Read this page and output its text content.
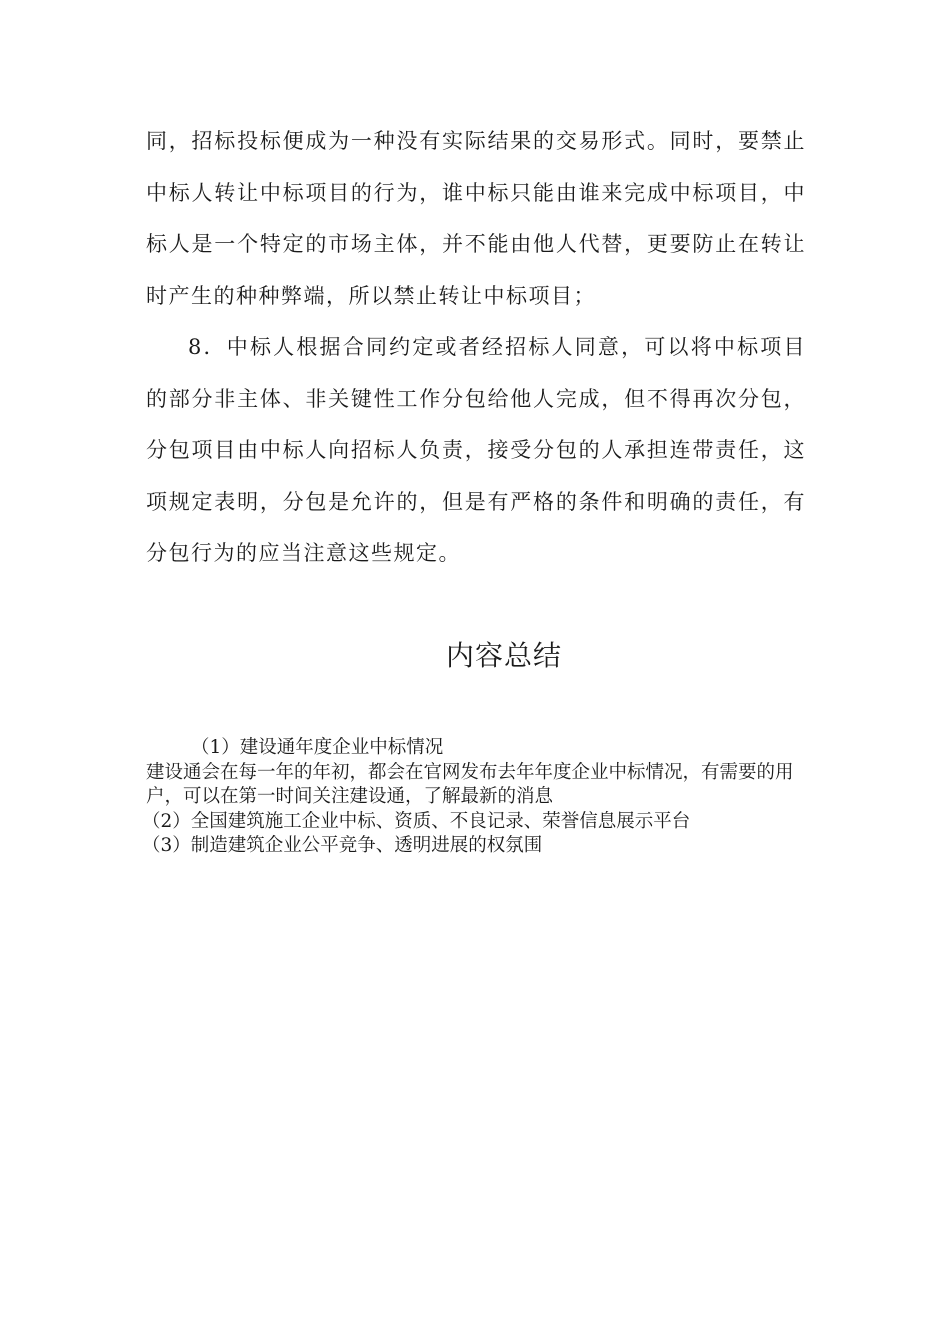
同，招标投标便成为一种没有实际结果的交易形式。同时，要禁止中标人转让中标项目的行为，谁中标只能由谁来完成中标项目，中标人是一个特定的市场主体，并不能由他人代替，更要防止在转让时产生的种种弊端，所以禁止转让中标项目；

8．中标人根据合同约定或者经招标人同意，可以将中标项目的部分非主体、非关键性工作分包给他人完成，但不得再次分包，分包项目由中标人向招标人负责，接受分包的人承担连带责任，这项规定表明，分包是允许的，但是有严格的条件和明确的责任，有分包行为的应当注意这些规定。

内容总结

（1）建设通年度企业中标情况

建设通会在每一年的年初，都会在官网发布去年年度企业中标情况，有需要的用户，可以在第一时间关注建设通，了解最新的消息

（2）全国建筑施工企业中标、资质、不良记录、荣誉信息展示平台

（3）制造建筑企业公平竞争、透明进展的权氛围
